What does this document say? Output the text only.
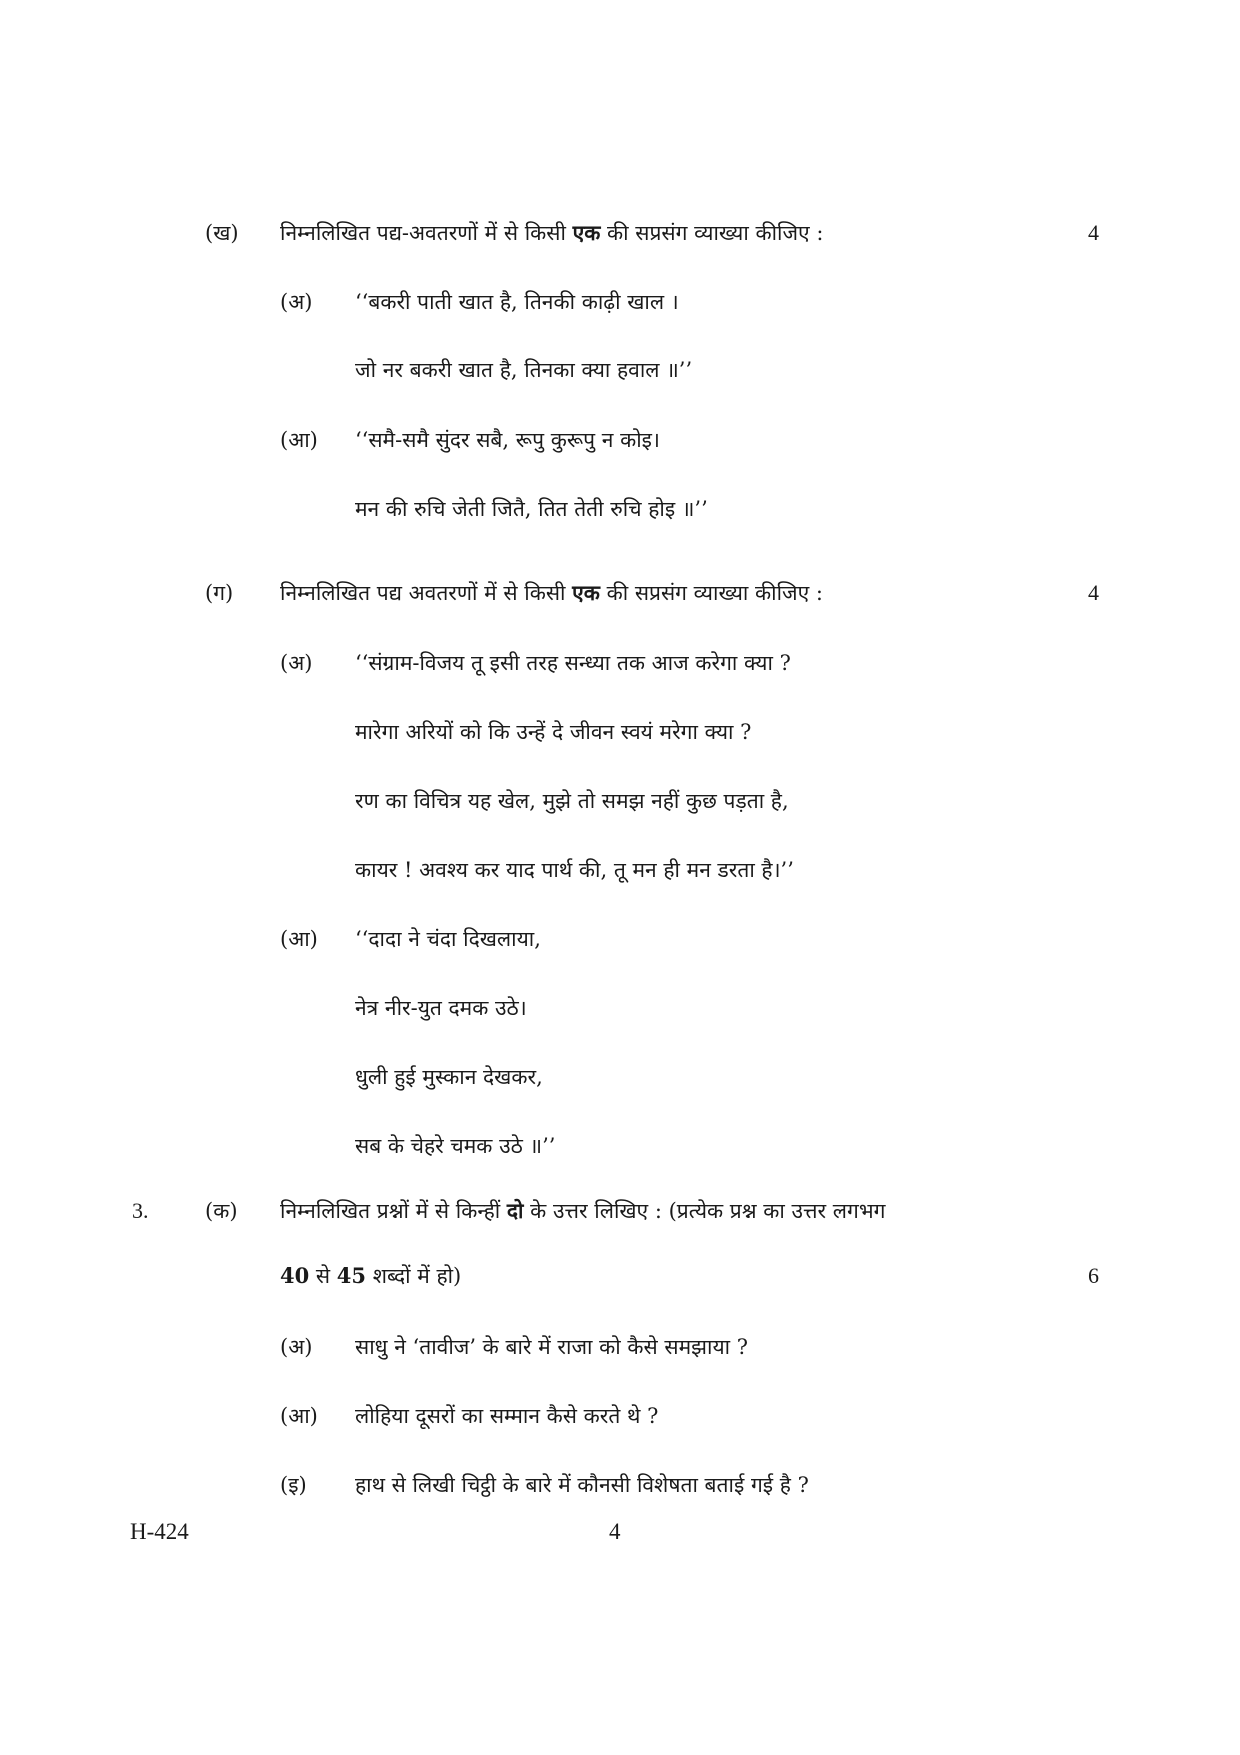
(ख) निम्नलिखित पद्य-अवतरणों में से किसी एक की सप्रसंग व्याख्या कीजिए :	4
(अ) ‘‘बकरी पाती खात है, तिनकी काढ़ी खाल ।
जो नर बकरी खात है, तिनका क्या हवाल ॥’’
(आ) ‘‘समै-समै सुंदर सबै, रूपु कुरूपु न कोइ।
मन की रुचि जेती जितै, तित तेती रुचि होइ ॥’’
(ग) निम्नलिखित पद्य अवतरणों में से किसी एक की सप्रसंग व्याख्या कीजिए :	4
(अ) ‘‘संग्राम-विजय तू इसी तरह सन्ध्या तक आज करेगा क्या ?
मारेगा अरियों को कि उन्हें दे जीवन स्वयं मरेगा क्या ?
रण का विचित्र यह खेल, मुझे तो समझ नहीं कुछ पड़ता है,
कायर ! अवश्य कर याद पार्थ की, तू मन ही मन डरता है।’’
(आ) ‘‘दादा ने चंदा दिखलाया,
नेत्र नीर-युत दमक उठे।
धुली हुई मुस्कान देखकर,
सब के चेहरे चमक उठे ॥’’
3.	(क) निम्नलिखित प्रश्नों में से किन्हीं दो के उत्तर लिखिए : (प्रत्येक प्रश्न का उत्तर लगभग
40 से 45 शब्दों में हो)	6
(अ) साधु ने ‘तावीज’ के बारे में राजा को कैसे समझाया ?
(आ) लोहिया दूसरों का सम्मान कैसे करते थे ?
(इ) हाथ से लिखी चिट्ठी के बारे में कौनसी विशेषता बताई गई है ?
H-424	4
